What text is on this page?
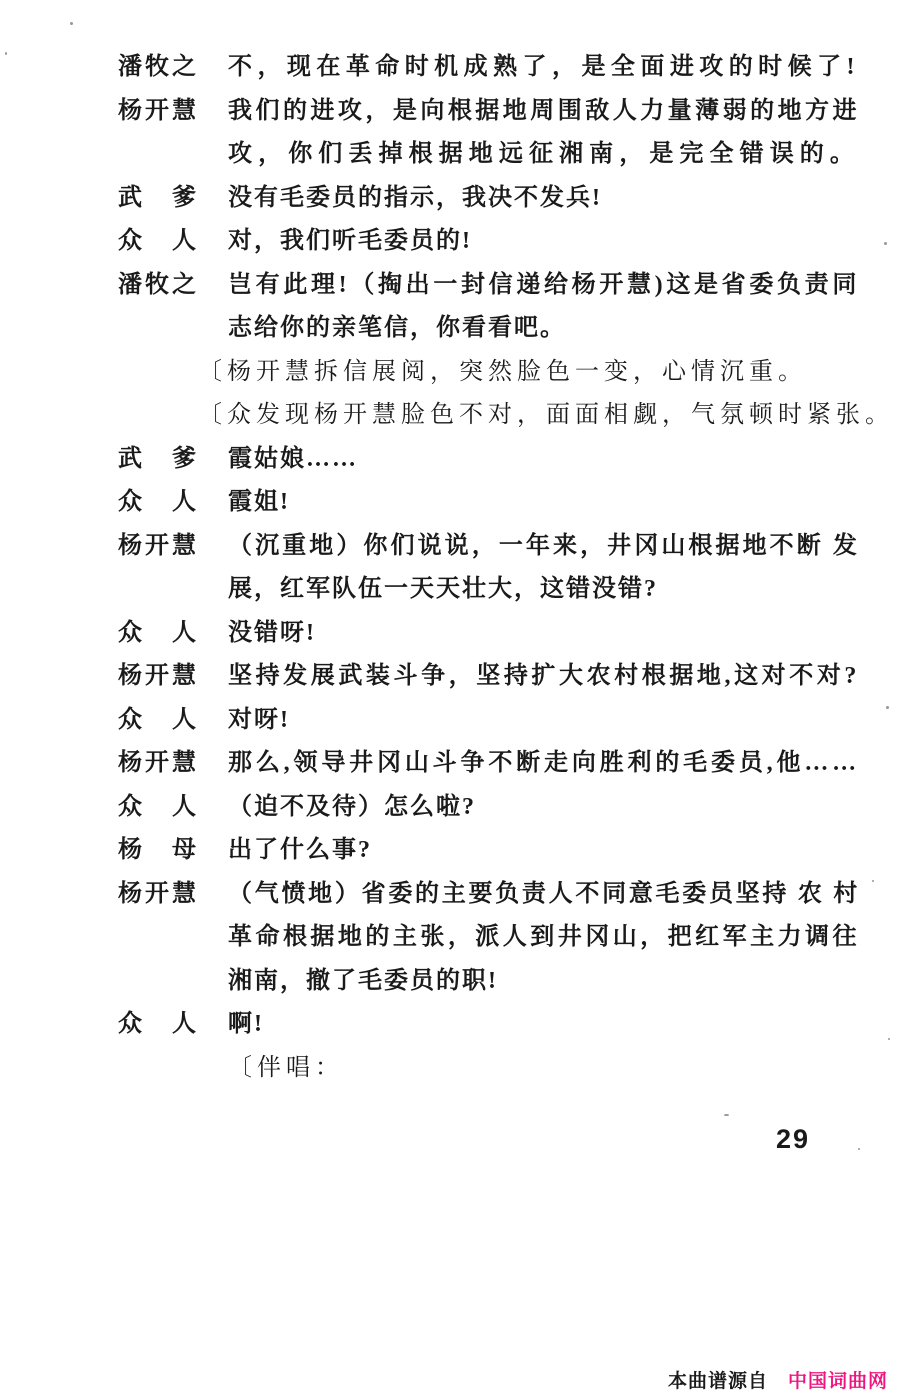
潘 牧 之 不，现在革命时机成熟了，是全面进攻的时候了!
杨 开 慧 我们的进攻，是向根据地周围敌人力量薄弱的地方进
攻，你们丢掉根据地远征湘南，是完全错误的。
武 爹 没有毛委员的指示，我决不发兵!
众 人 对，我们听毛委员的!
潘 牧 之 岂有此理!（掏出一封信递给杨开慧)这是省委负责同
志给你的亲笔信，你看看吧。
〔杨开慧拆信展阅，突然脸色一变，心情沉重。
〔众发现杨开慧脸色不对，面面相觑，气氛顿时紧张。
武 爹 霞姑娘……
众 人 霞姐!
杨 开 慧 （沉重地）你们说说，一年来，井冈山根据地不断 发
展，红军队伍一天天壮大，这错没错?
众 人 没错呀!
杨 开 慧 坚持发展武装斗争，坚持扩大农村根据地,这对不对?
众 人 对呀!
杨 开 慧 那么,领导井冈山斗争不断走向胜利的毛委员,他……
众 人 （迫不及待）怎么啦?
杨 母 出了什么事?
杨 开 慧 （气愤地）省委的主要负责人不同意毛委员坚持 农 村
革命根据地的主张，派人到井冈山，把红军主力调往
湘南，撤了毛委员的职!
众 人 啊!
〔伴唱：
29
本曲谱源自 中国词曲网
